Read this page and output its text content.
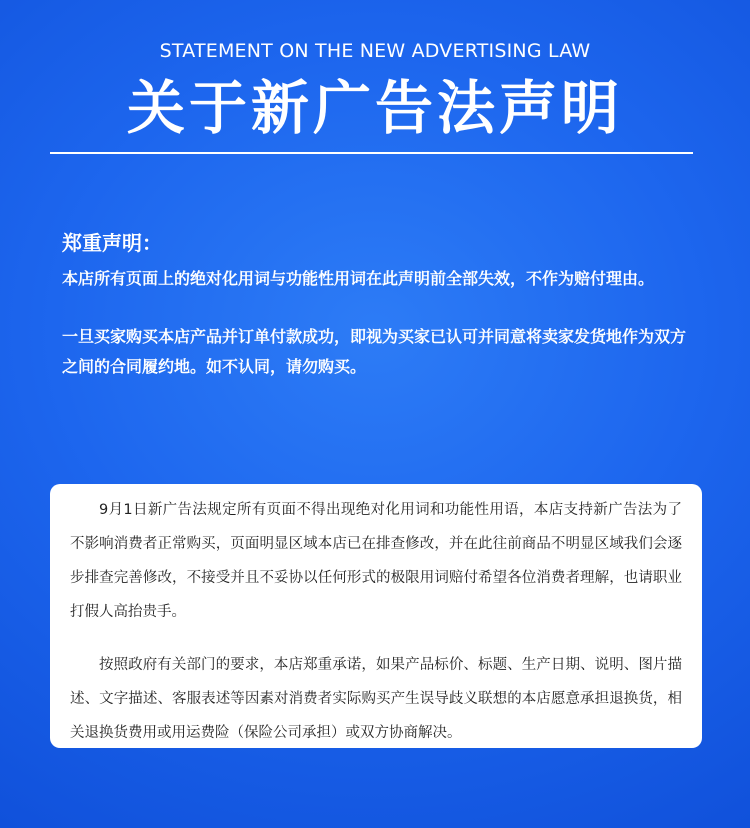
STATEMENT ON THE NEW ADVERTISING LAW
关于新广告法声明

郑重声明：

本店所有页面上的绝对化用词与功能性用词在此声明前全部失效，不作为赔付理由。

一旦买家购买本店产品并订单付款成功，即视为买家已认可并同意将卖家发货地作为双方之间的合同履约地。如不认同，请勿购买。

9月1日新广告法规定所有页面不得出现绝对化用词和功能性用语，本店支持新广告法为了不影响消费者正常购买，页面明显区域本店已在排查修改，并在此往前商品不明显区域我们会逐步排查完善修改，不接受并且不妥协以任何形式的极限用词赔付希望各位消费者理解，也请职业打假人高抬贵手。

按照政府有关部门的要求，本店郑重承诺，如果产品标价、标题、生产日期、说明、图片描述、文字描述、客服表述等因素对消费者实际购买产生误导歧义联想的本店愿意承担退换货，相关退换货费用或用运费险（保险公司承担）或双方协商解决。
